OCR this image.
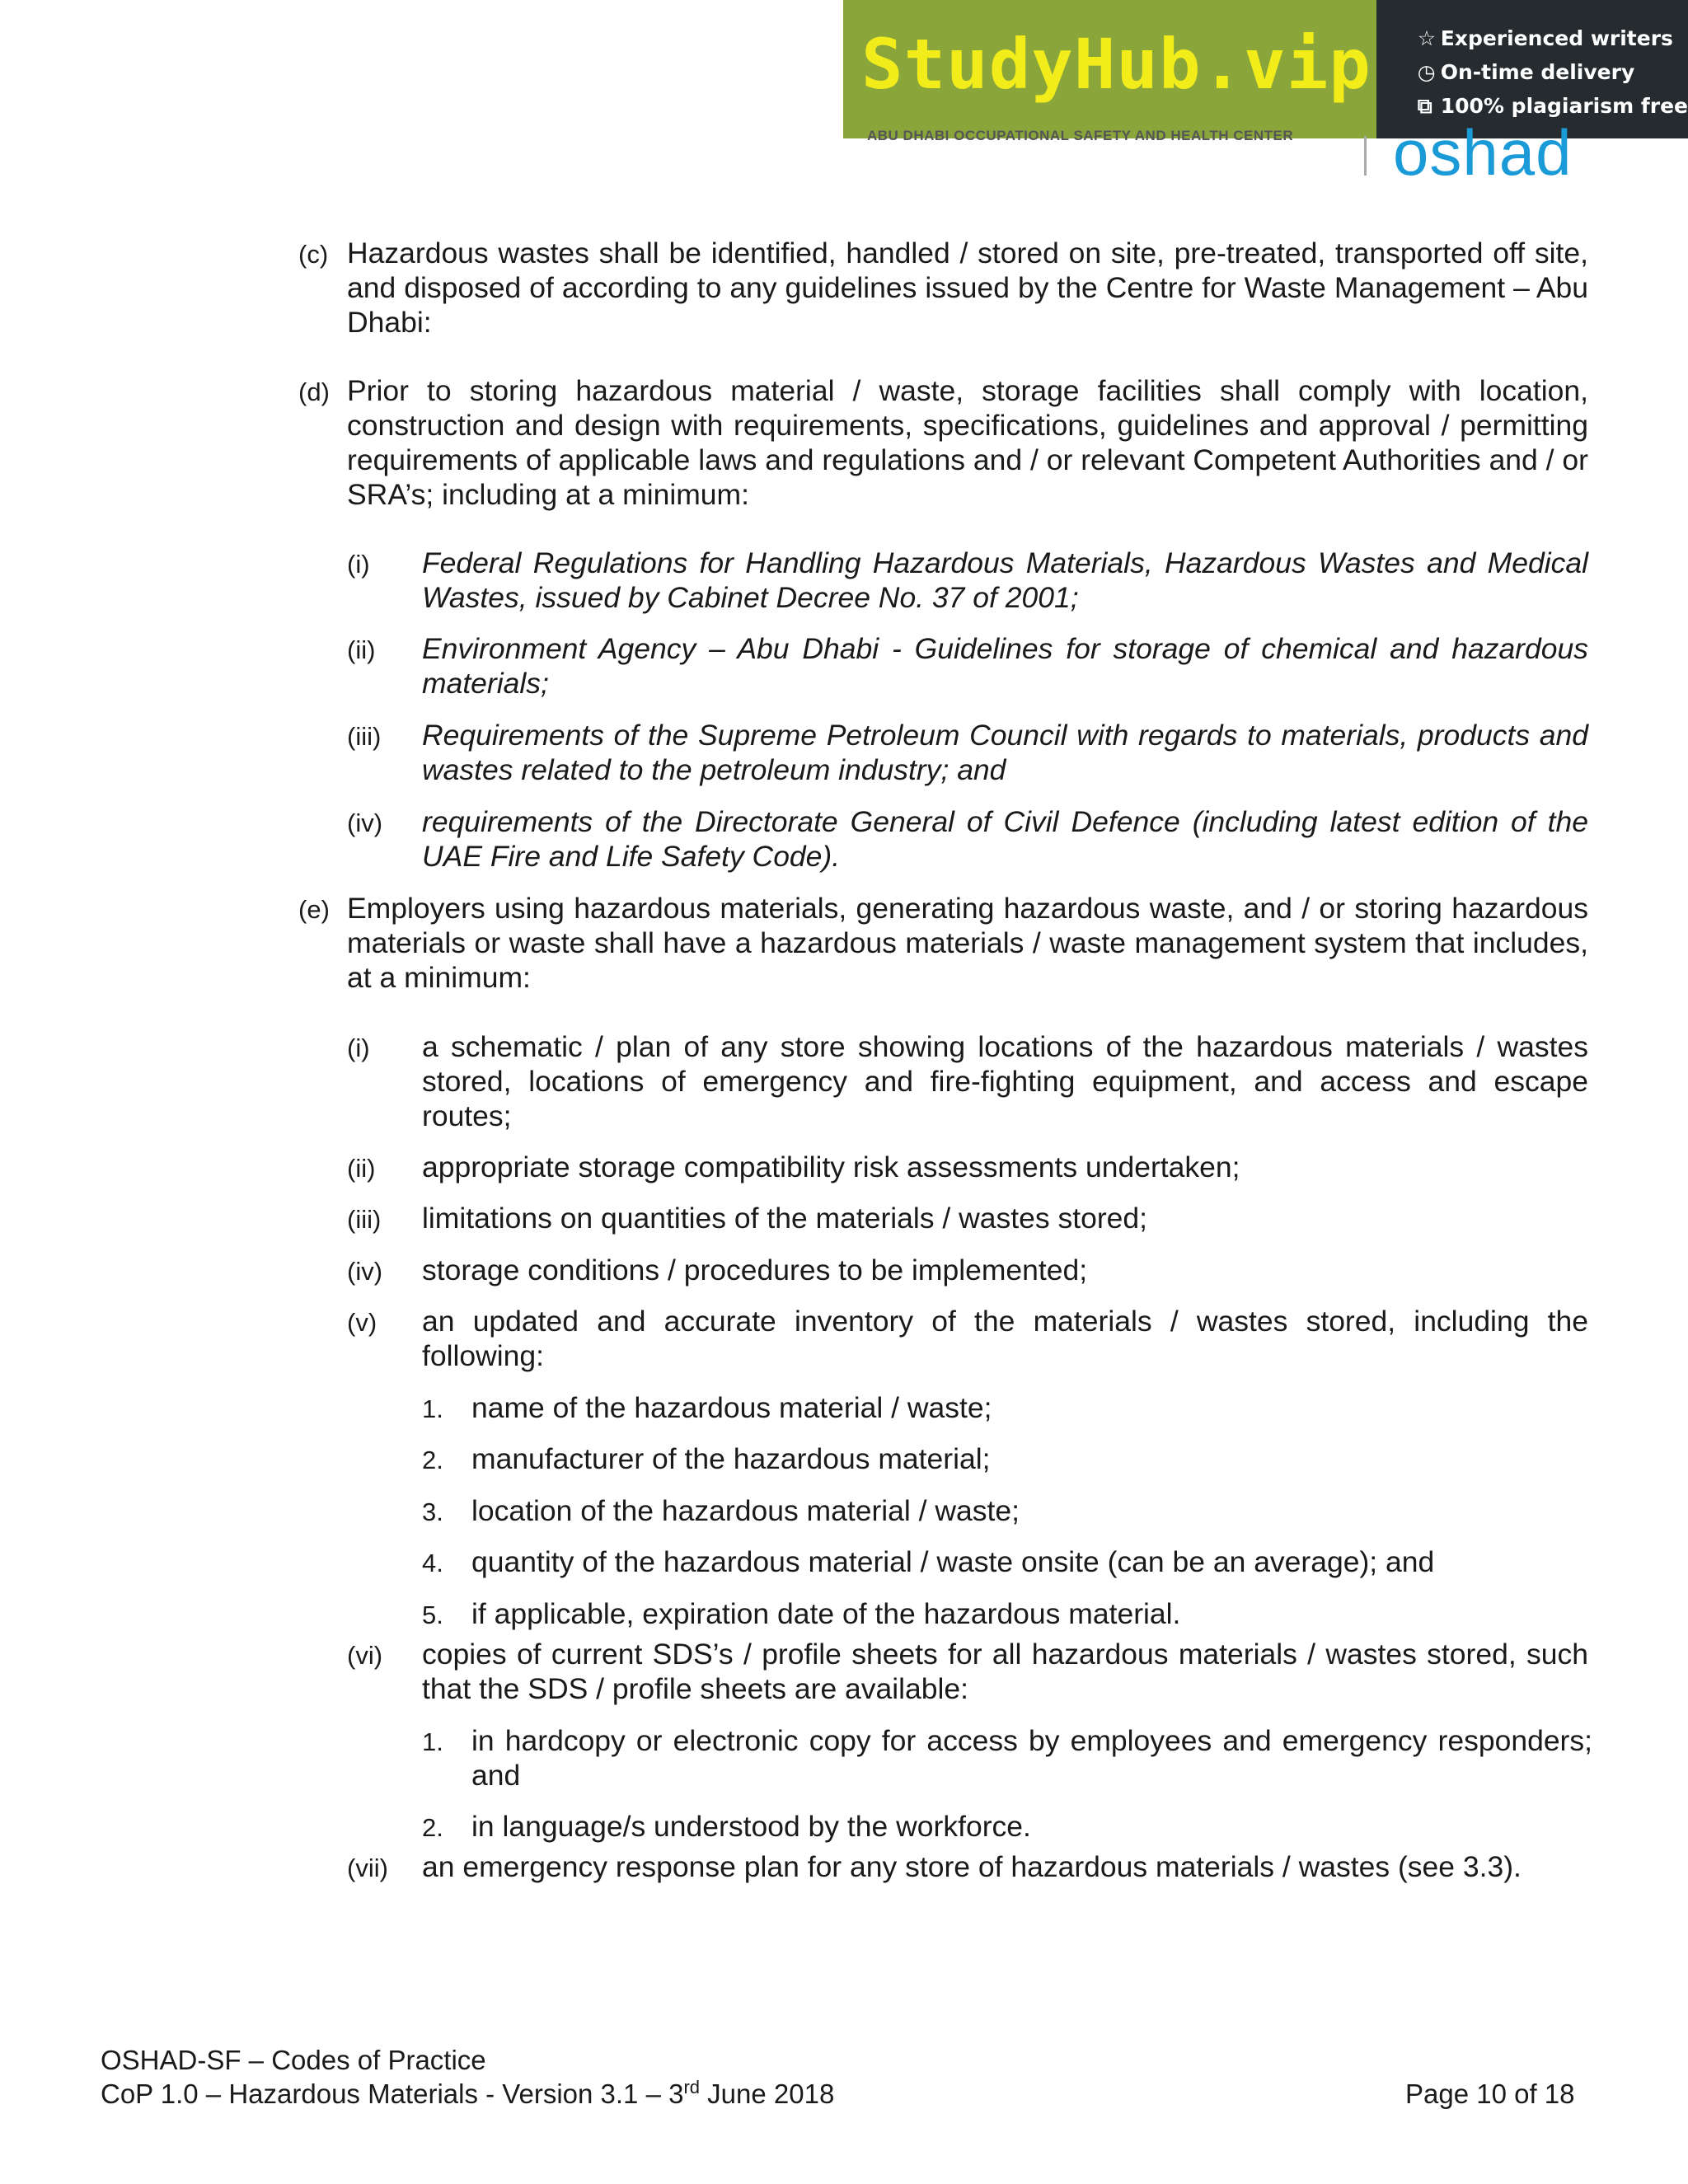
StudyHub.vip ☆ Experienced writers
◷ On-time delivery
⧉ 100% plagiarism free
ABU DHABI OCCUPATIONAL SAFETY AND HEALTH CENTER oshad
(c) Hazardous wastes shall be identified, handled / stored on site, pre-treated, transported off site, and disposed of according to any guidelines issued by the Centre for Waste Management – Abu Dhabi:
(d) Prior to storing hazardous material / waste, storage facilities shall comply with location, construction and design with requirements, specifications, guidelines and approval / permitting requirements of applicable laws and regulations and / or relevant Competent Authorities and / or SRA’s; including at a minimum:
(i) Federal Regulations for Handling Hazardous Materials, Hazardous Wastes and Medical Wastes, issued by Cabinet Decree No. 37 of 2001;
(ii) Environment Agency – Abu Dhabi - Guidelines for storage of chemical and hazardous materials;
(iii) Requirements of the Supreme Petroleum Council with regards to materials, products and wastes related to the petroleum industry; and
(iv) requirements of the Directorate General of Civil Defence (including latest edition of the UAE Fire and Life Safety Code).
(e) Employers using hazardous materials, generating hazardous waste, and / or storing hazardous materials or waste shall have a hazardous materials / waste management system that includes, at a minimum:
(i) a schematic / plan of any store showing locations of the hazardous materials / wastes stored, locations of emergency and fire-fighting equipment, and access and escape routes;
(ii) appropriate storage compatibility risk assessments undertaken;
(iii) limitations on quantities of the materials / wastes stored;
(iv) storage conditions / procedures to be implemented;
(v) an updated and accurate inventory of the materials / wastes stored, including the following:
1. name of the hazardous material / waste;
2. manufacturer of the hazardous material;
3. location of the hazardous material / waste;
4. quantity of the hazardous material / waste onsite (can be an average); and
5. if applicable, expiration date of the hazardous material.
(vi) copies of current SDS’s / profile sheets for all hazardous materials / wastes stored, such that the SDS / profile sheets are available:
1. in hardcopy or electronic copy for access by employees and emergency responders; and
2. in language/s understood by the workforce.
(vii) an emergency response plan for any store of hazardous materials / wastes (see 3.3).
OSHAD-SF – Codes of Practice
CoP 1.0 – Hazardous Materials - Version 3.1 – 3rd June 2018	Page 10 of 18
